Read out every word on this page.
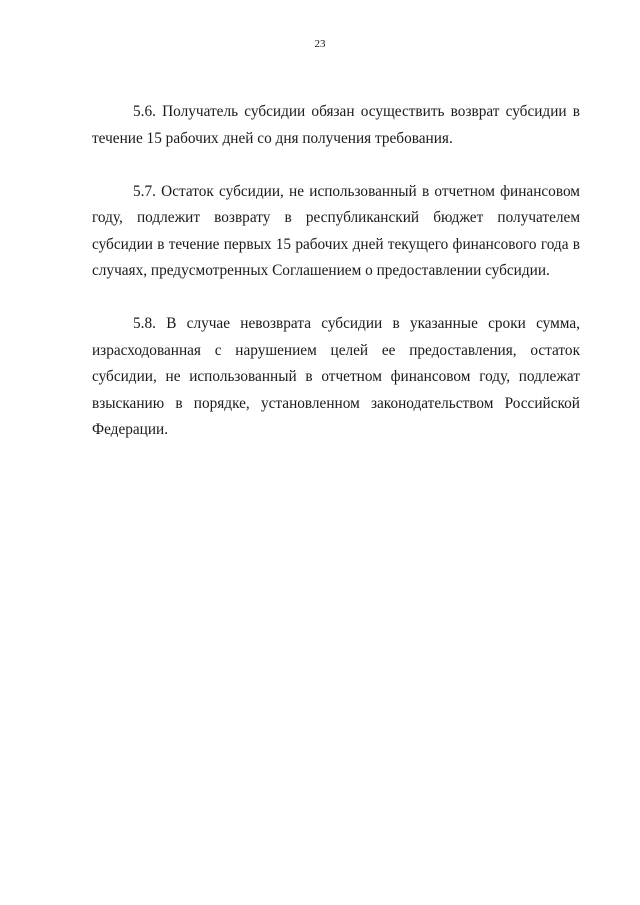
23

5.6. Получатель субсидии обязан осуществить возврат субсидии в течение 15 рабочих дней со дня получения требования.

5.7. Остаток субсидии, не использованный в отчетном финансовом году, подлежит возврату в республиканский бюджет получателем субсидии в течение первых 15 рабочих дней текущего финансового года в случаях, предусмотренных Соглашением о предоставлении субсидии.

5.8. В случае невозврата субсидии в указанные сроки сумма, израсходованная с нарушением целей ее предоставления, остаток субсидии, не использованный в отчетном финансовом году, подлежат взысканию в порядке, установленном законодательством Российской Федерации.
